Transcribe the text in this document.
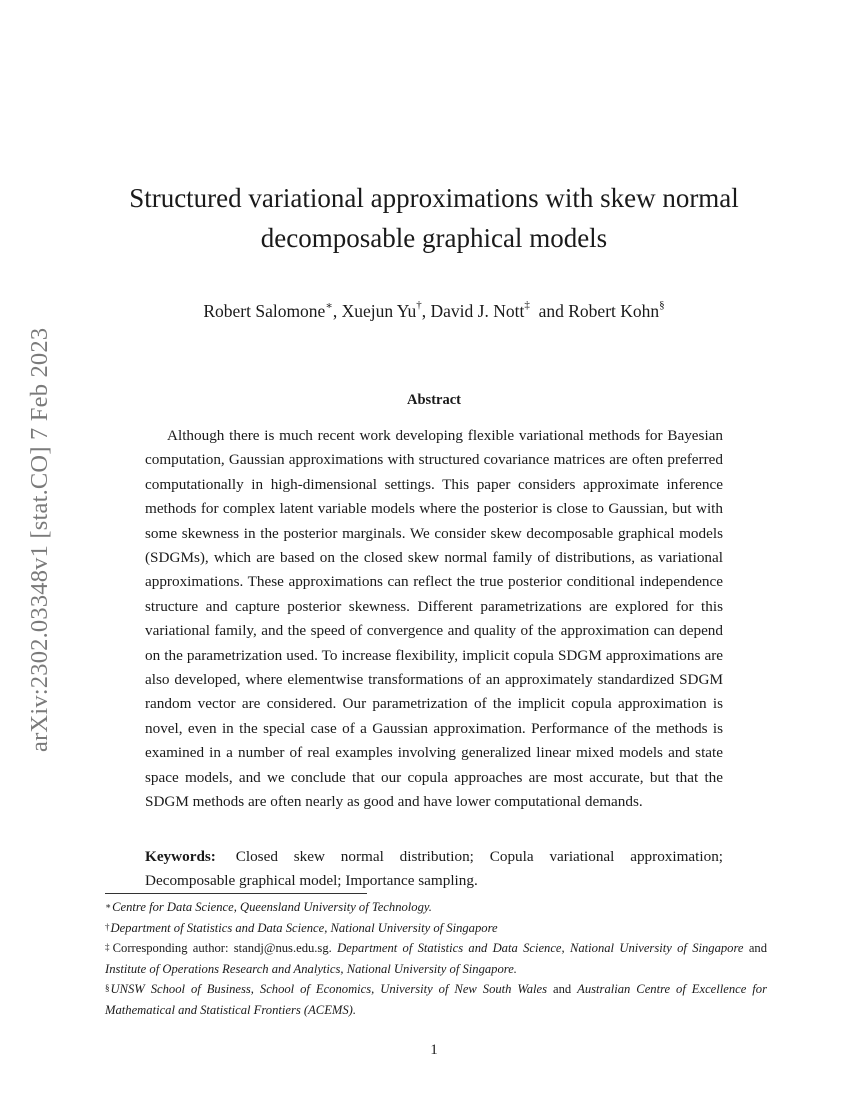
arXiv:2302.03348v1 [stat.CO] 7 Feb 2023
Structured variational approximations with skew normal
decomposable graphical models

Robert Salomone∗, Xuejun Yu†, David J. Nott‡  and Robert Kohn§

Abstract

Although there is much recent work developing flexible variational methods for Bayesian computation, Gaussian approximations with structured covariance matrices are often preferred computationally in high-dimensional settings. This paper considers approximate inference methods for complex latent variable models where the posterior is close to Gaussian, but with some skewness in the posterior marginals. We consider skew decomposable graphical models (SDGMs), which are based on the closed skew normal family of distributions, as variational approximations. These approximations can reflect the true posterior conditional independence structure and capture posterior skewness. Different parametrizations are explored for this variational family, and the speed of convergence and quality of the approximation can depend on the parametrization used. To increase flexibility, implicit copula SDGM approximations are also developed, where elementwise transformations of an approximately standardized SDGM random vector are considered. Our parametrization of the implicit copula approximation is novel, even in the special case of a Gaussian approximation. Performance of the methods is examined in a number of real examples involving generalized linear mixed models and state space models, and we conclude that our copula approaches are most accurate, but that the SDGM methods are often nearly as good and have lower computational demands.

Keywords: Closed skew normal distribution; Copula variational approximation; Decomposable graphical model; Importance sampling.

∗Centre for Data Science, Queensland University of Technology.

†Department of Statistics and Data Science, National University of Singapore

‡Corresponding author: standj@nus.edu.sg. Department of Statistics and Data Science, National University of Singapore and Institute of Operations Research and Analytics, National University of Singapore.

§UNSW School of Business, School of Economics, University of New South Wales and Australian Centre of Excellence for Mathematical and Statistical Frontiers (ACEMS).

1
